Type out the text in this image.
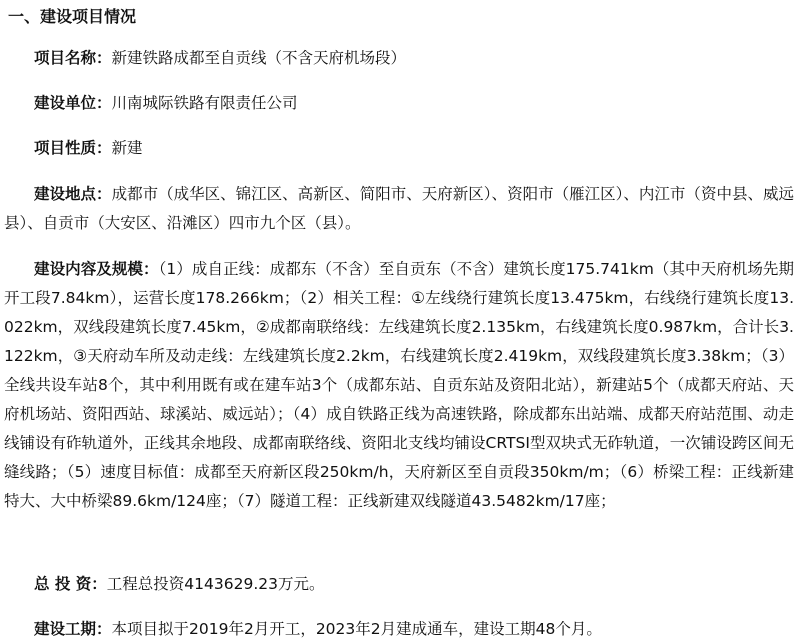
一、建设项目情况
项目名称：新建铁路成都至自贡线（不含天府机场段）
建设单位：川南城际铁路有限责任公司
项目性质：新建
建设地点：成都市（成华区、锦江区、高新区、简阳市、天府新区）、资阳市（雁江区）、内江市（资中县、威远县）、自贡市（大安区、沿滩区）四市九个区（县）。
建设内容及规模：（1）成自正线：成都东（不含）至自贡东（不含）建筑长度175.741km（其中天府机场先期开工段7.84km），运营长度178.266km；（2）相关工程：①左线绕行建筑长度13.475km，右线绕行建筑长度13.022km，双线段建筑长度7.45km，②成都南联络线：左线建筑长度2.135km，右线建筑长度0.987km，合计长3.122km，③天府动车所及动走线：左线建筑长度2.2km，右线建筑长度2.419km，双线段建筑长度3.38km；（3）全线共设车站8个，其中利用既有或在建车站3个（成都东站、自贡东站及资阳北站），新建站5个（成都天府站、天府机场站、资阳西站、球溪站、威远站）；（4）成自铁路正线为高速铁路，除成都东出站端、成都天府站范围、动走线铺设有砟轨道外，正线其余地段、成都南联络线、资阳北支线均铺设CRTSI型双块式无砟轨道，一次铺设跨区间无缝线路；（5）速度目标值：成都至天府新区段250km/h，天府新区至自贡段350km/m；（6）桥梁工程：正线新建特大、大中桥梁89.6km/124座；（7）隧道工程：正线新建双线隧道43.5482km/17座；
总 投 资：工程总投资4143629.23万元。
建设工期：本项目拟于2019年2月开工，2023年2月建成通车，建设工期48个月。
